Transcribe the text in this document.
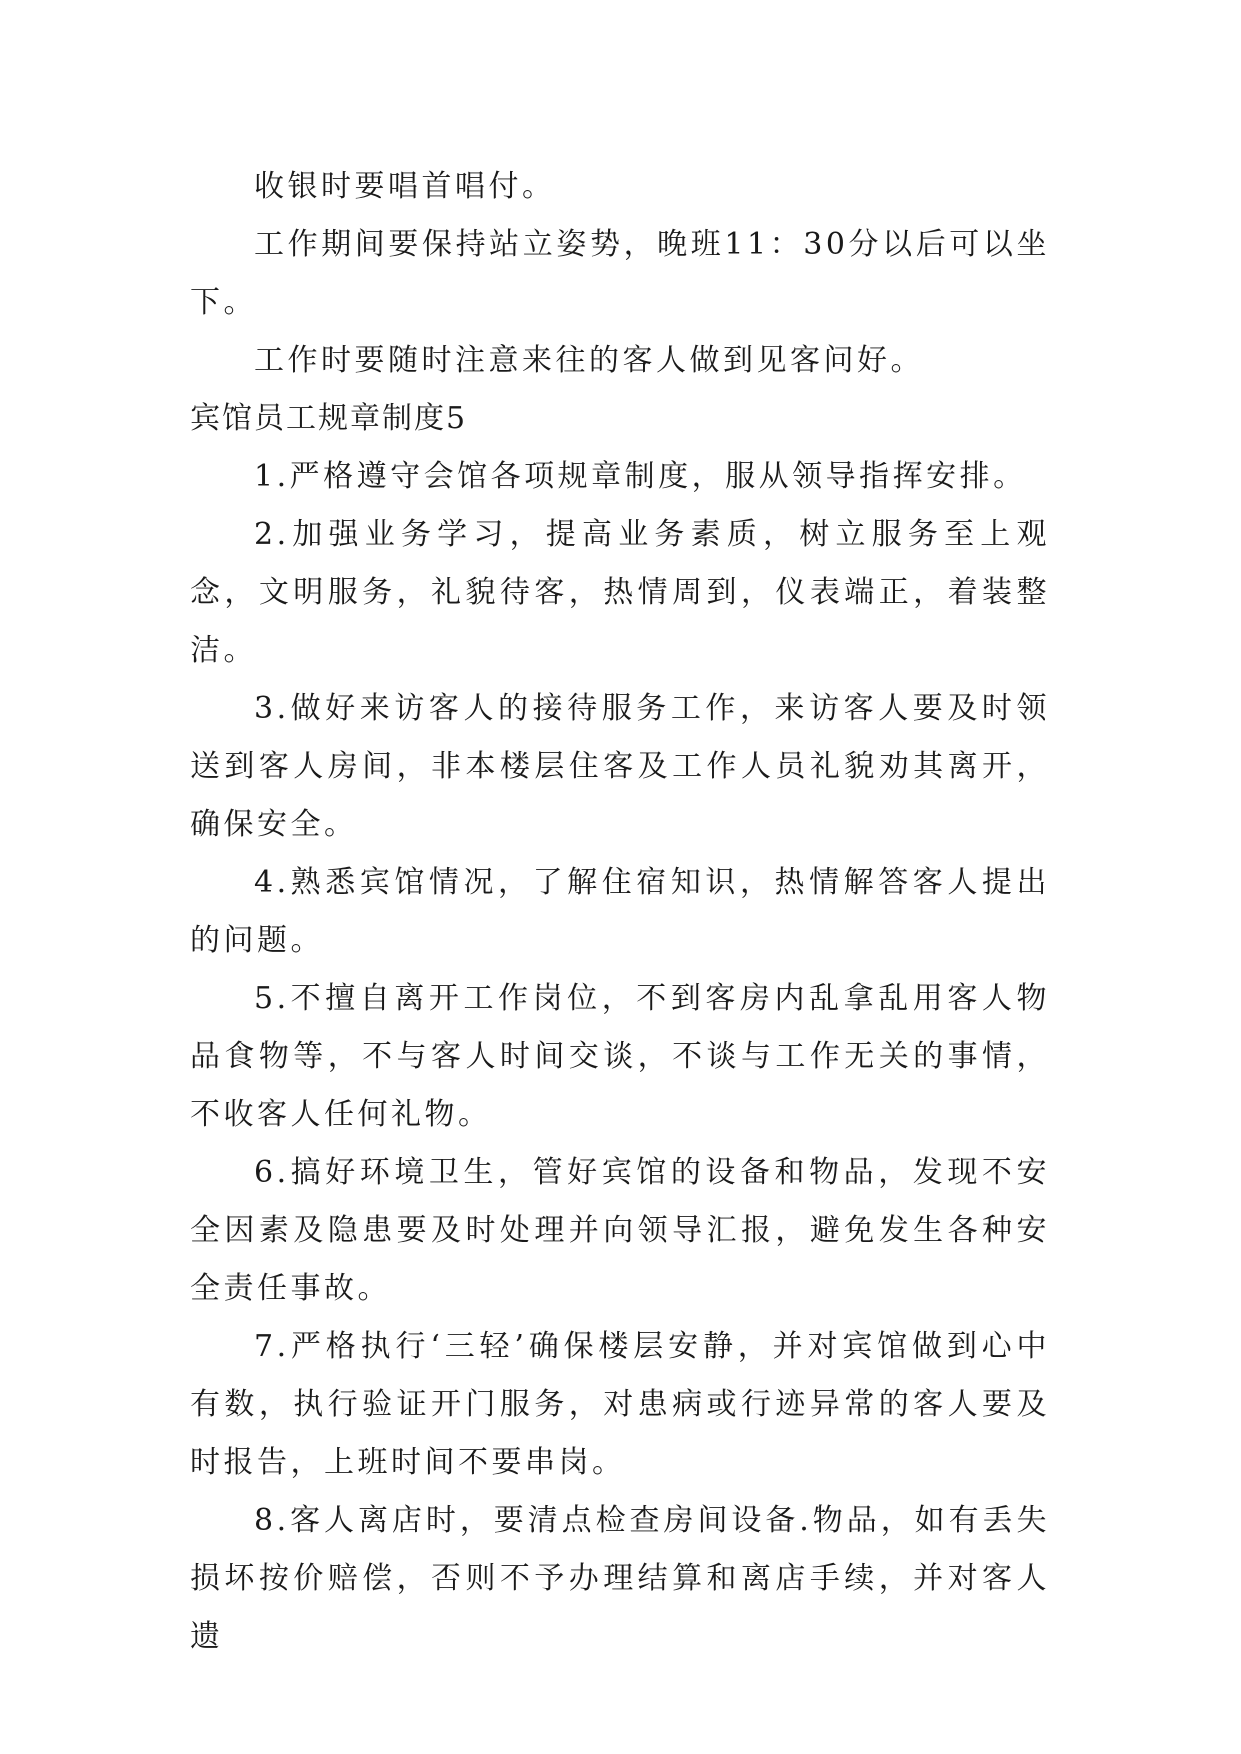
收银时要唱首唱付。

工作期间要保持站立姿势，晚班11：30分以后可以坐下。

工作时要随时注意来往的客人做到见客问好。

宾馆员工规章制度5

1.严格遵守会馆各项规章制度，服从领导指挥安排。

2.加强业务学习，提高业务素质，树立服务至上观念，文明服务，礼貌待客，热情周到，仪表端正，着装整洁。

3.做好来访客人的接待服务工作，来访客人要及时领送到客人房间，非本楼层住客及工作人员礼貌劝其离开，确保安全。

4.熟悉宾馆情况，了解住宿知识，热情解答客人提出的问题。

5.不擅自离开工作岗位，不到客房内乱拿乱用客人物品食物等，不与客人时间交谈，不谈与工作无关的事情，不收客人任何礼物。

6.搞好环境卫生，管好宾馆的设备和物品，发现不安全因素及隐患要及时处理并向领导汇报，避免发生各种安全责任事故。

7.严格执行‘三轻’确保楼层安静，并对宾馆做到心中有数，执行验证开门服务，对患病或行迹异常的客人要及时报告，上班时间不要串岗。

8.客人离店时，要清点检查房间设备.物品，如有丢失损坏按价赔偿，否则不予办理结算和离店手续，并对客人遗
